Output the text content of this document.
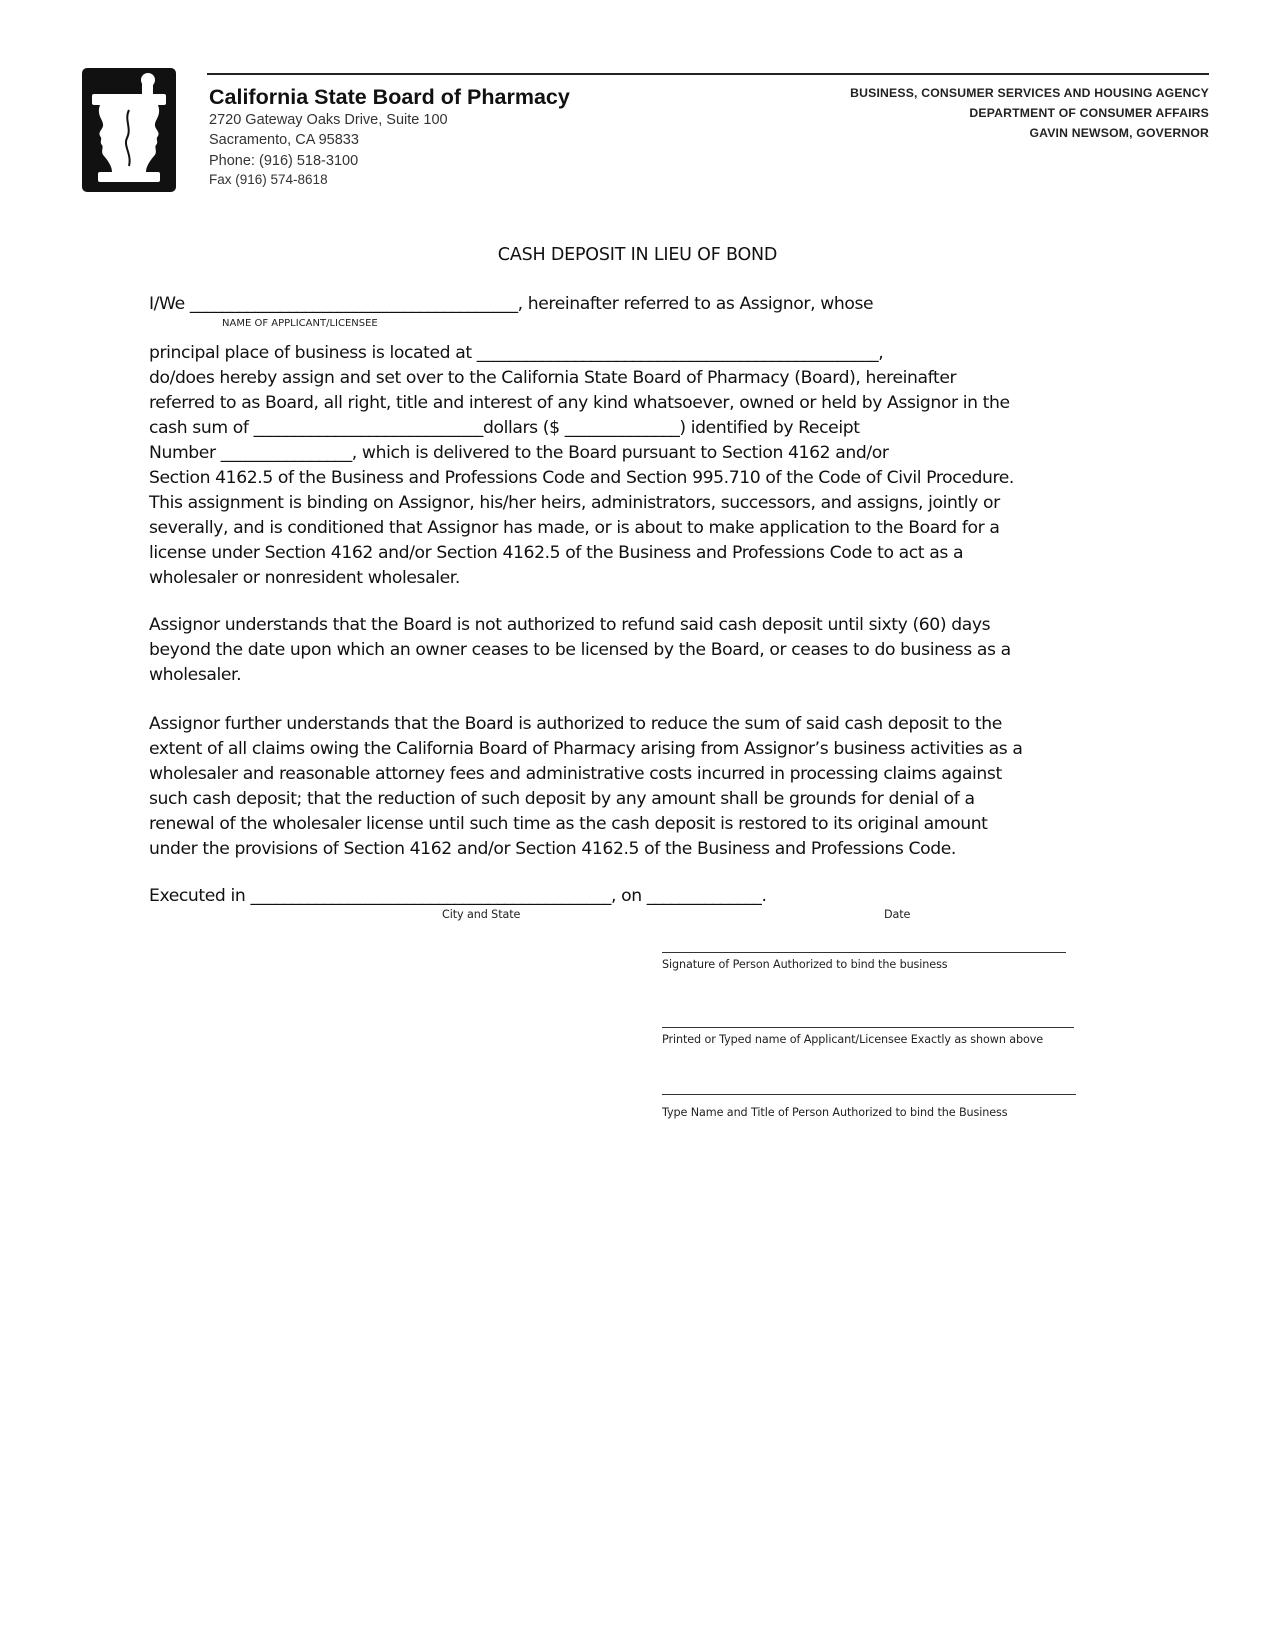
California State Board of Pharmacy
2720 Gateway Oaks Drive, Suite 100
Sacramento, CA 95833
Phone: (916) 518-3100
Fax (916) 574-8618
BUSINESS, CONSUMER SERVICES AND HOUSING AGENCY
DEPARTMENT OF CONSUMER AFFAIRS
GAVIN NEWSOM, GOVERNOR
CASH DEPOSIT IN LIEU OF BOND
I/We ________________________________________, hereinafter referred to as Assignor, whose
NAME OF APPLICANT/LICENSEE
principal place of business is located at _________________________________________________,
do/does hereby assign and set over to the California State Board of Pharmacy (Board), hereinafter
referred to as Board, all right, title and interest of any kind whatsoever, owned or held by Assignor in the
cash sum of ____________________________dollars ($ ______________) identified by Receipt
Number ________________, which is delivered to the Board pursuant to Section 4162 and/or
Section 4162.5 of the Business and Professions Code and Section 995.710 of the Code of Civil Procedure.
This assignment is binding on Assignor, his/her heirs, administrators, successors, and assigns, jointly or
severally, and is conditioned that Assignor has made, or is about to make application to the Board for a
license under Section 4162 and/or Section 4162.5 of the Business and Professions Code to act as a
wholesaler or nonresident wholesaler.
Assignor understands that the Board is not authorized to refund said cash deposit until sixty (60) days
beyond the date upon which an owner ceases to be licensed by the Board, or ceases to do business as a
wholesaler.
Assignor further understands that the Board is authorized to reduce the sum of said cash deposit to the
extent of all claims owing the California Board of Pharmacy arising from Assignor’s business activities as a
wholesaler and reasonable attorney fees and administrative costs incurred in processing claims against
such cash deposit; that the reduction of such deposit by any amount shall be grounds for denial of a
renewal of the wholesaler license until such time as the cash deposit is restored to its original amount
under the provisions of Section 4162 and/or Section 4162.5 of the Business and Professions Code.
Executed in ____________________________________________, on ______________.
City and State	Date
Signature of Person Authorized to bind the business
Printed or Typed name of Applicant/Licensee Exactly as shown above
Type Name and Title of Person Authorized to bind the Business
